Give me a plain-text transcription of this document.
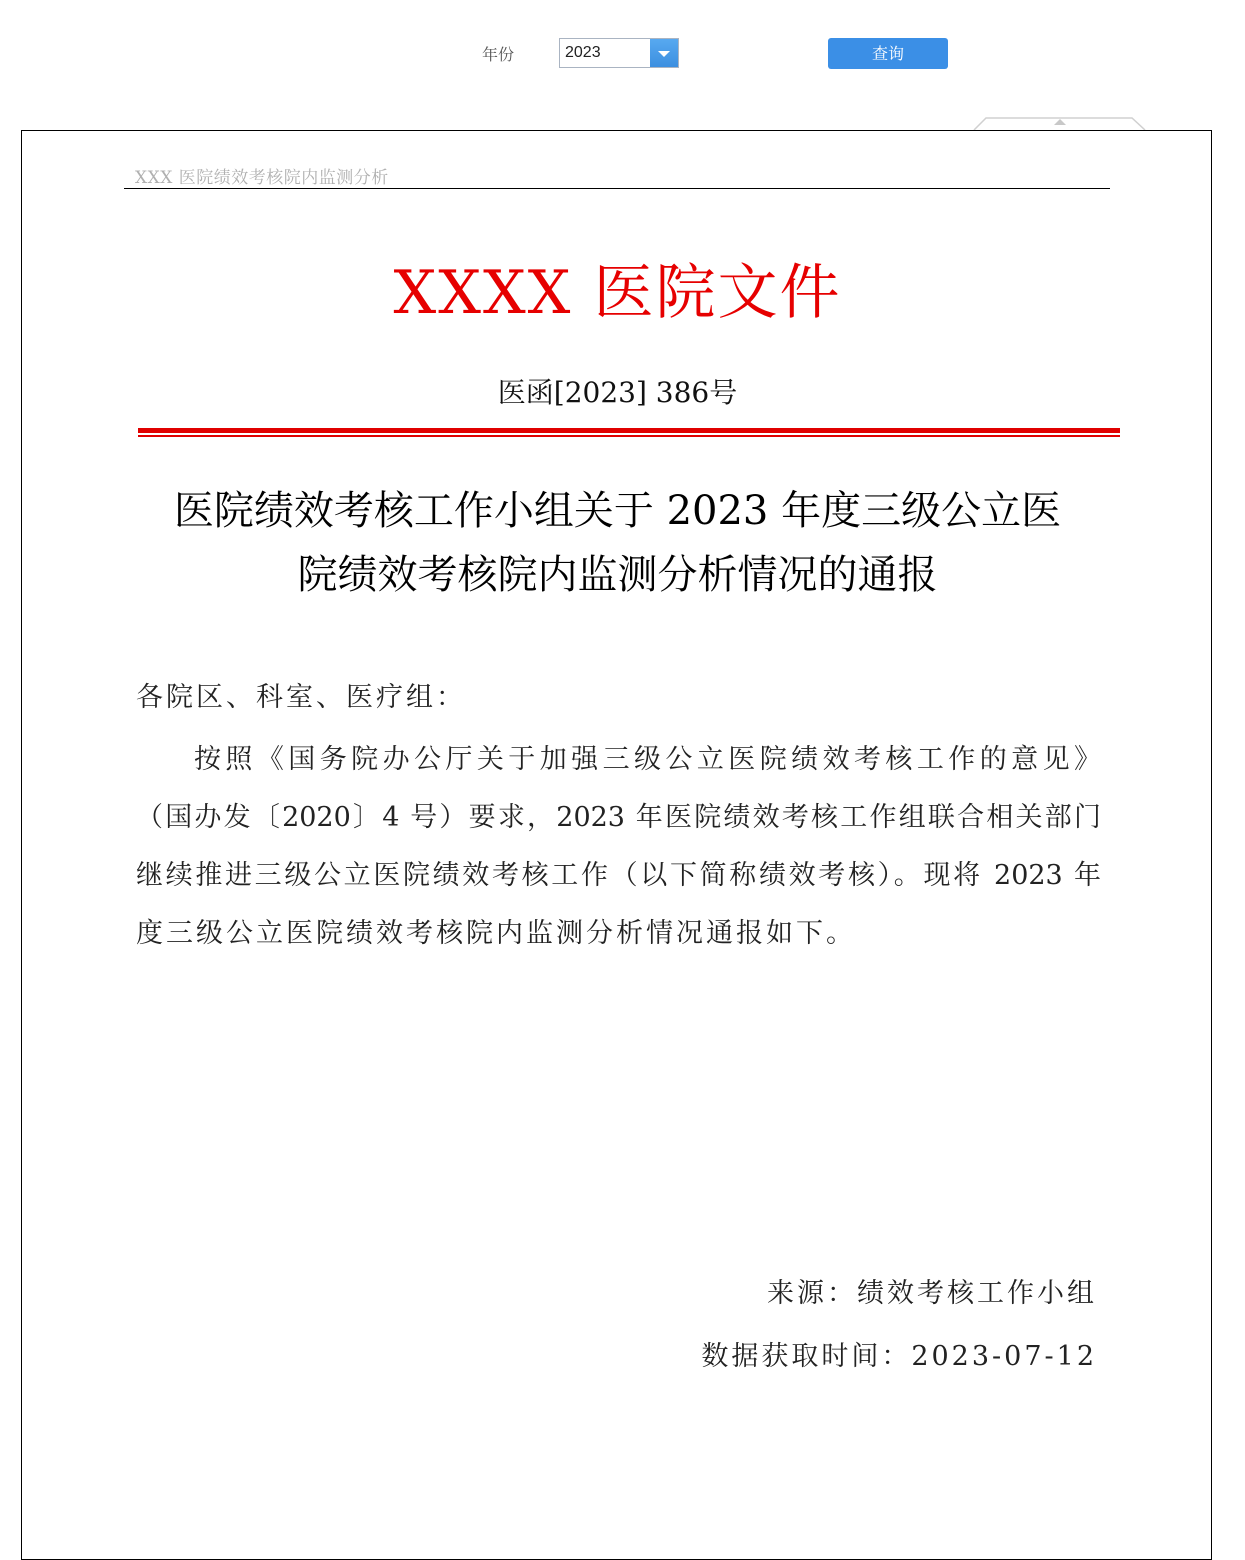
年份	2023	查询
XXX 医院绩效考核院内监测分析
XXXX 医院文件
医函[2023] 386号
医院绩效考核工作小组关于 2023 年度三级公立医
院绩效考核院内监测分析情况的通报
各院区、科室、医疗组：
按照《国务院办公厅关于加强三级公立医院绩效考核工作的意见》
（国办发〔2020〕4 号）要求，2023 年医院绩效考核工作组联合相关部门
继续推进三级公立医院绩效考核工作（以下简称绩效考核）。现将 2023 年
度三级公立医院绩效考核院内监测分析情况通报如下。
来源：绩效考核工作小组
数据获取时间：2023-07-12
